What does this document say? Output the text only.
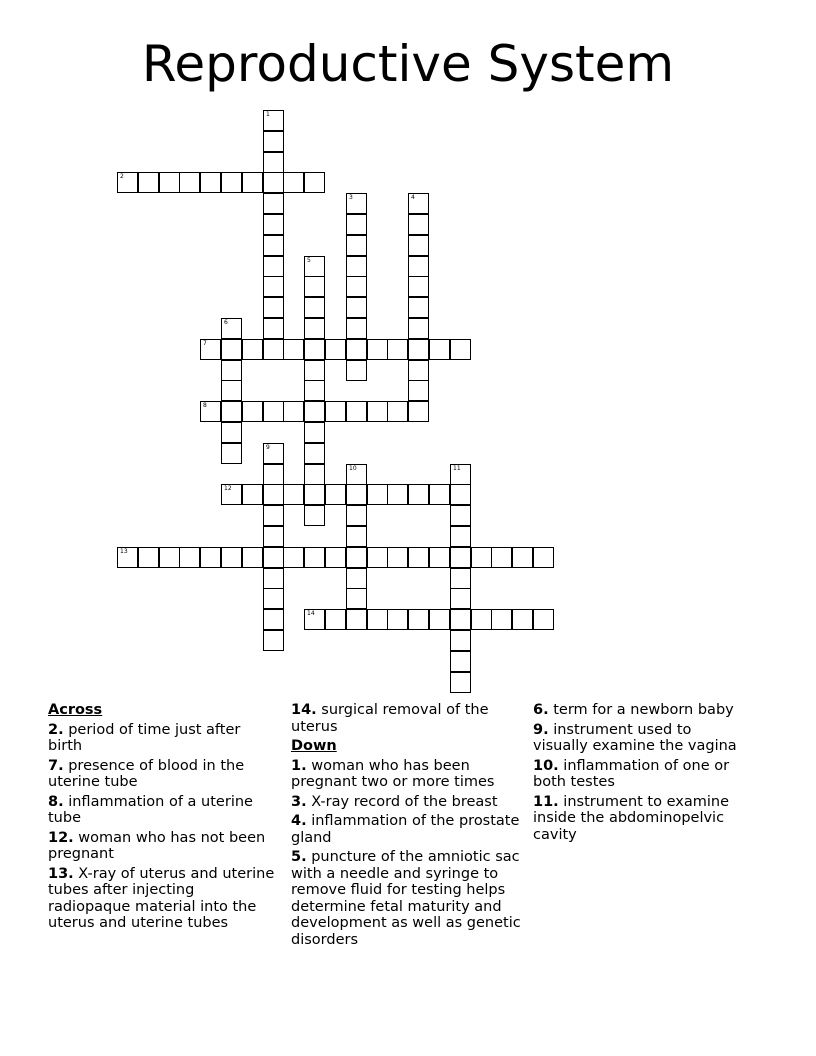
Reproductive System
1
2
3	4
5
6
7
8
9
10	11
12
13
14
Across
2. period of time just after birth
7. presence of blood in the uterine tube
8. inflammation of a uterine tube
12. woman who has not been pregnant
13. X-ray of uterus and uterine tubes after injecting radiopaque material into the uterus and uterine tubes
14. surgical removal of the uterus
Down
1. woman who has been pregnant two or more times
3. X-ray record of the breast
4. inflammation of the prostate gland
5. puncture of the amniotic sac with a needle and syringe to remove fluid for testing helps determine fetal maturity and development as well as genetic disorders
6. term for a newborn baby
9. instrument used to visually examine the vagina
10. inflammation of one or both testes
11. instrument to examine inside the abdominopelvic cavity
